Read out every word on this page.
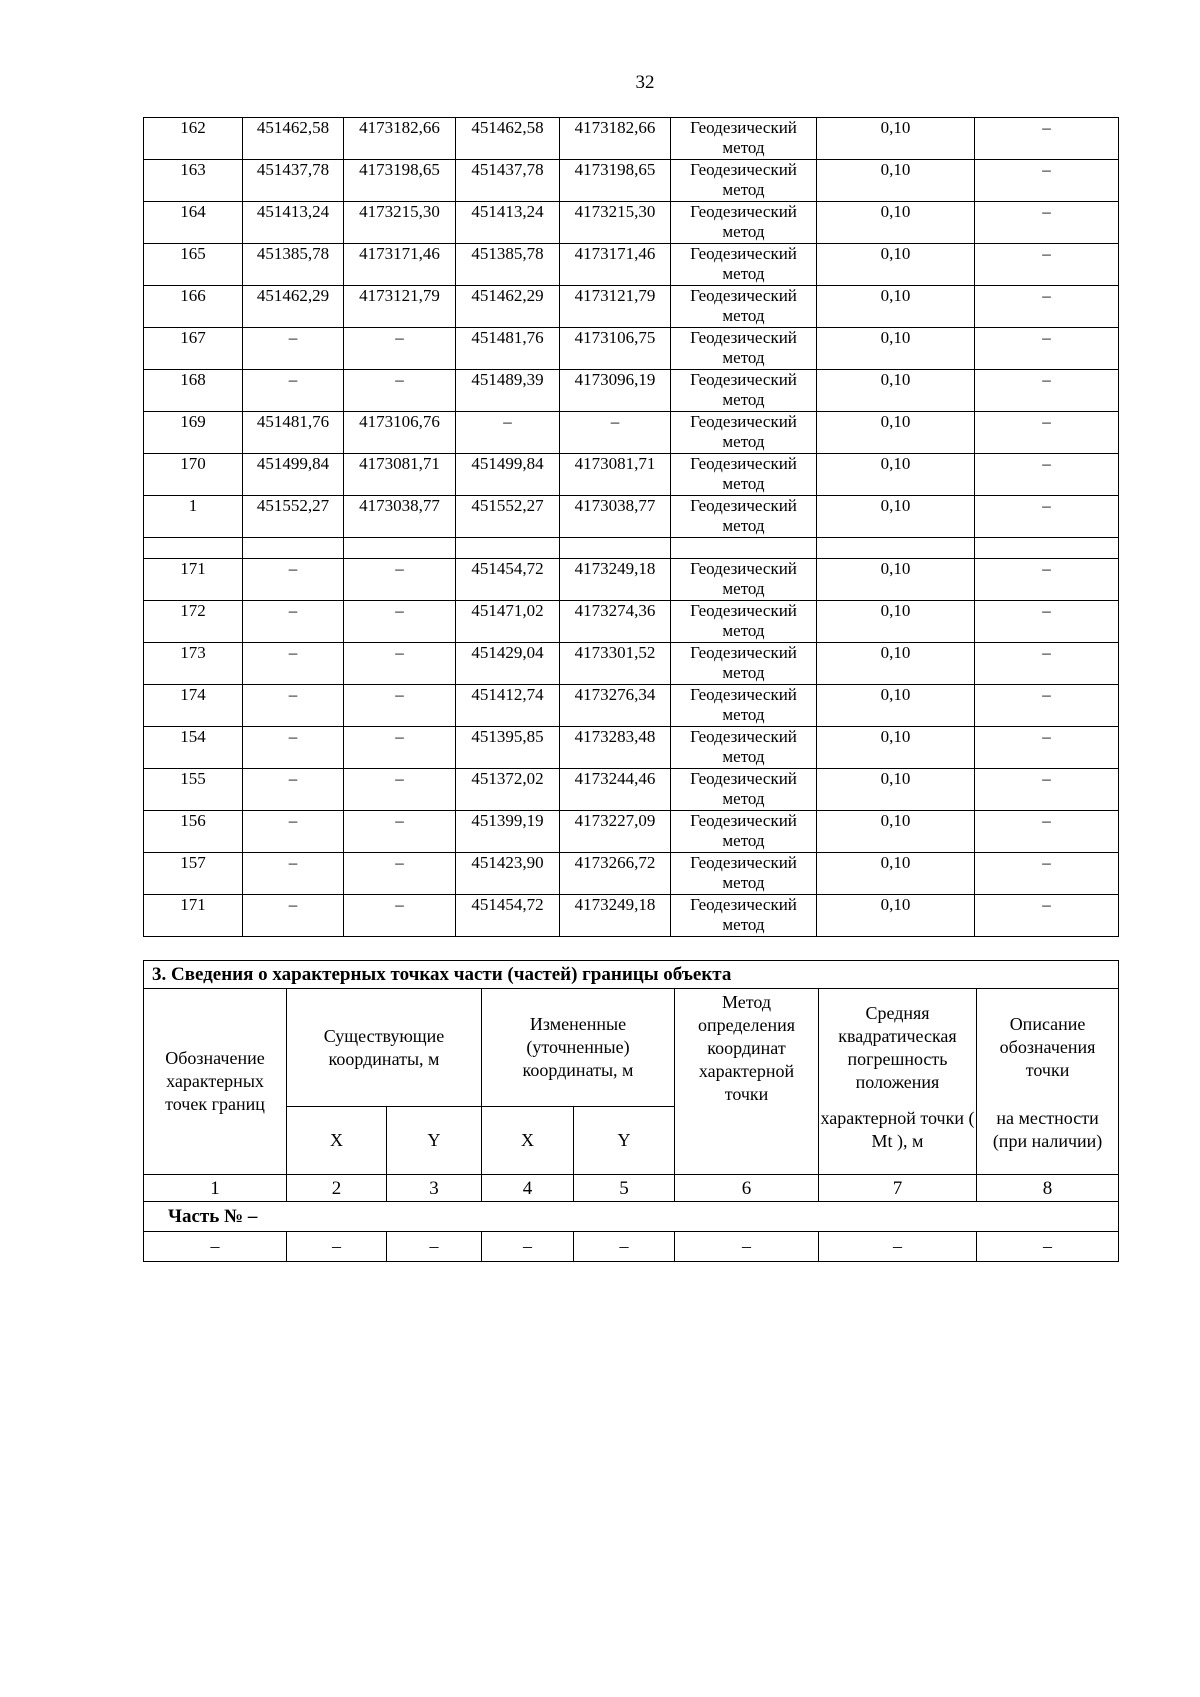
32
162	451462,58	4173182,66	451462,58	4173182,66	Геодезический метод	0,10	–
163	451437,78	4173198,65	451437,78	4173198,65	Геодезический метод	0,10	–
164	451413,24	4173215,30	451413,24	4173215,30	Геодезический метод	0,10	–
165	451385,78	4173171,46	451385,78	4173171,46	Геодезический метод	0,10	–
166	451462,29	4173121,79	451462,29	4173121,79	Геодезический метод	0,10	–
167	–	–	451481,76	4173106,75	Геодезический метод	0,10	–
168	–	–	451489,39	4173096,19	Геодезический метод	0,10	–
169	451481,76	4173106,76	–	–	Геодезический метод	0,10	–
170	451499,84	4173081,71	451499,84	4173081,71	Геодезический метод	0,10	–
1	451552,27	4173038,77	451552,27	4173038,77	Геодезический метод	0,10	–

171	–	–	451454,72	4173249,18	Геодезический метод	0,10	–
172	–	–	451471,02	4173274,36	Геодезический метод	0,10	–
173	–	–	451429,04	4173301,52	Геодезический метод	0,10	–
174	–	–	451412,74	4173276,34	Геодезический метод	0,10	–
154	–	–	451395,85	4173283,48	Геодезический метод	0,10	–
155	–	–	451372,02	4173244,46	Геодезический метод	0,10	–
156	–	–	451399,19	4173227,09	Геодезический метод	0,10	–
157	–	–	451423,90	4173266,72	Геодезический метод	0,10	–
171	–	–	451454,72	4173249,18	Геодезический метод	0,10	–
3. Сведения о характерных точках части (частей) границы объекта							
Обозначение характерных точек границ	Существующие координаты, м		Измененные (уточненные) координаты, м		Метод определения координат характерной точки	Средняя квадратическая погрешность положения	Описание обозначения точки
	X	Y	X	Y		характерной точки ( Mt ), м	на местности (при наличии)
1	2	3	4	5	6	7	8
Часть № –							
–	–	–	–	–	–	–	–
